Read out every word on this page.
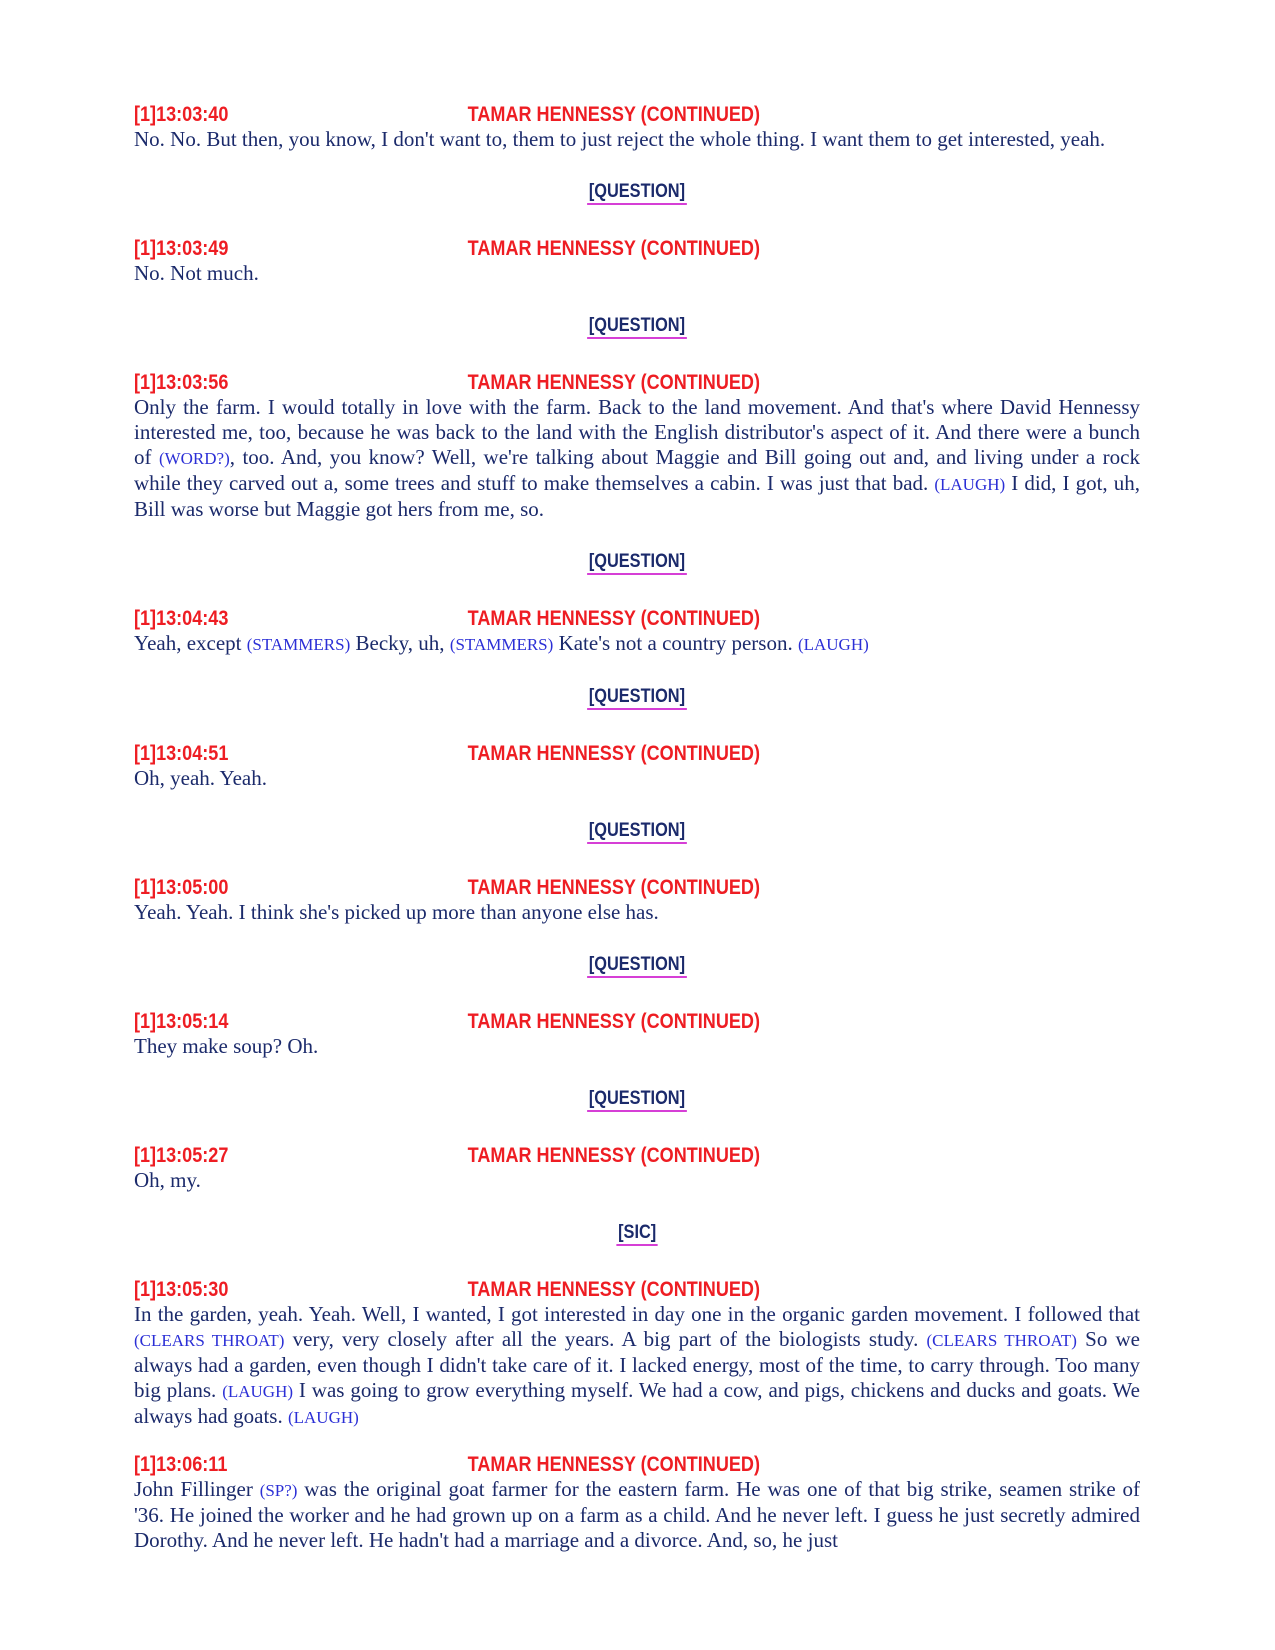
[1]13:03:40	TAMAR HENNESSY (CONTINUED)
No. No. But then, you know, I don't want to, them to just reject the whole thing. I want them to get interested, yeah.
[QUESTION]
[1]13:03:49	TAMAR HENNESSY (CONTINUED)
No. Not much.
[QUESTION]
[1]13:03:56	TAMAR HENNESSY (CONTINUED)
Only the farm. I would totally in love with the farm. Back to the land movement. And that's where David Hennessy interested me, too, because he was back to the land with the English distributor's aspect of it. And there were a bunch of (WORD?), too. And, you know? Well, we're talking about Maggie and Bill going out and, and living under a rock while they carved out a, some trees and stuff to make themselves a cabin. I was just that bad. (LAUGH) I did, I got, uh, Bill was worse but Maggie got hers from me, so.
[QUESTION]
[1]13:04:43	TAMAR HENNESSY (CONTINUED)
Yeah, except (STAMMERS) Becky, uh, (STAMMERS) Kate's not a country person. (LAUGH)
[QUESTION]
[1]13:04:51	TAMAR HENNESSY (CONTINUED)
Oh, yeah. Yeah.
[QUESTION]
[1]13:05:00	TAMAR HENNESSY (CONTINUED)
Yeah. Yeah. I think she's picked up more than anyone else has.
[QUESTION]
[1]13:05:14	TAMAR HENNESSY (CONTINUED)
They make soup? Oh.
[QUESTION]
[1]13:05:27	TAMAR HENNESSY (CONTINUED)
Oh, my.
[SIC]
[1]13:05:30	TAMAR HENNESSY (CONTINUED)
In the garden, yeah. Yeah. Well, I wanted, I got interested in day one in the organic garden movement. I followed that (CLEARS THROAT) very, very closely after all the years. A big part of the biologists study. (CLEARS THROAT) So we always had a garden, even though I didn't take care of it. I lacked energy, most of the time, to carry through. Too many big plans. (LAUGH) I was going to grow everything myself. We had a cow, and pigs, chickens and ducks and goats. We always had goats. (LAUGH)
[1]13:06:11	TAMAR HENNESSY (CONTINUED)
John Fillinger (SP?) was the original goat farmer for the eastern farm. He was one of that big strike, seamen strike of '36. He joined the worker and he had grown up on a farm as a child. And he never left. I guess he just secretly admired Dorothy. And he never left. He hadn't had a marriage and a divorce. And, so, he just
